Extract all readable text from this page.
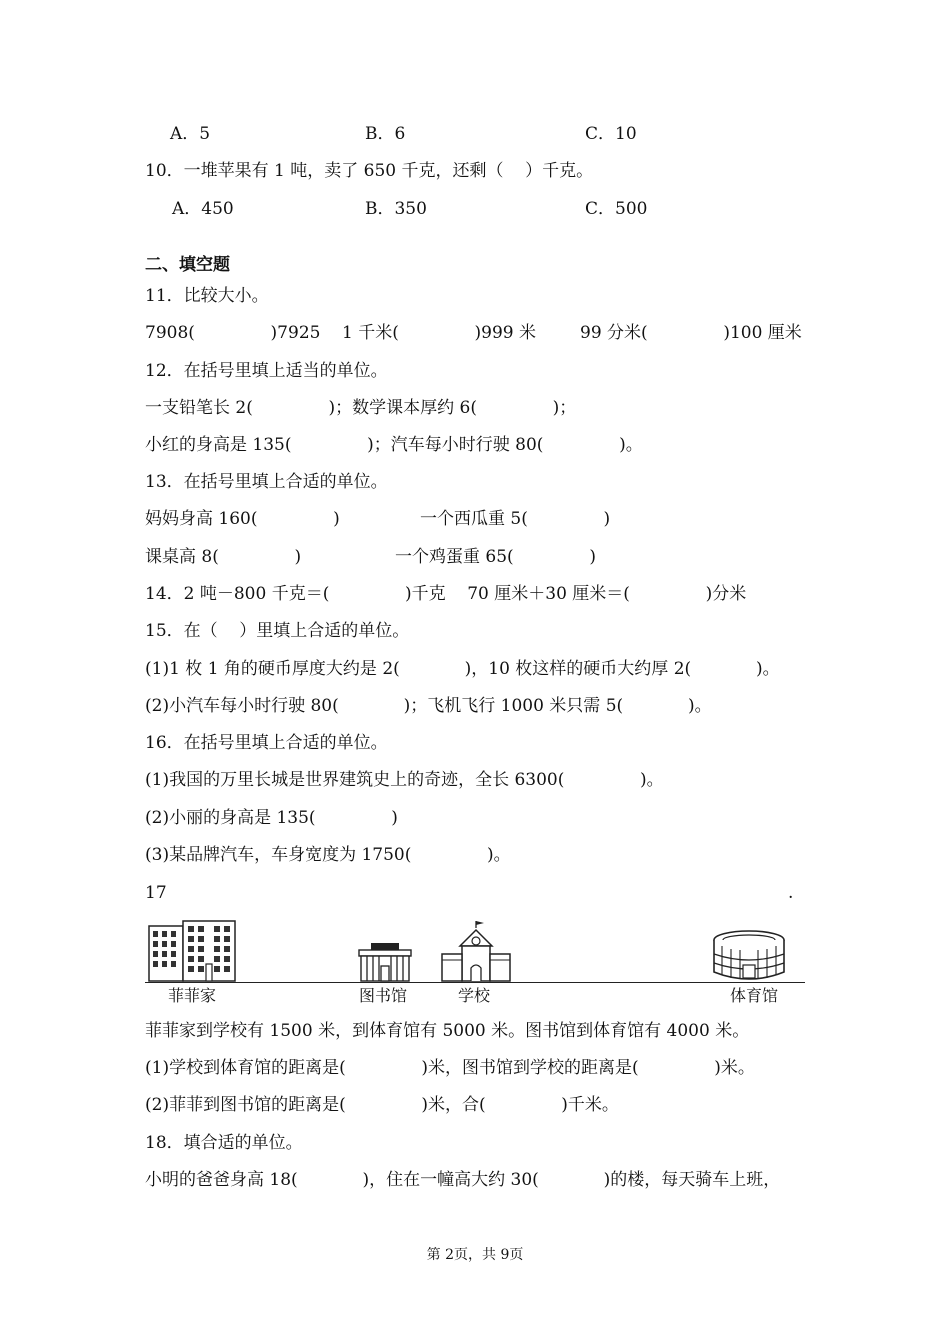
A．5	B．6	C．10
10．一堆苹果有 1 吨，卖了 650 千克，还剩（    ）千克。
A．450	B．350	C．500
二、填空题
11．比较大小。
7908(              )7925 1 千米(              )999 米	99 分米(              )100 厘米
12．在括号里填上适当的单位。
一支铅笔长 2(              )；数学课本厚约 6(              )；
小红的身高是 135(              )；汽车每小时行驶 80(              )。
13．在括号里填上合适的单位。
妈妈身高 160(              )	一个西瓜重 5(              )
课桌高 8(              )	一个鸡蛋重 65(              )
14．2 吨－800 千克＝(              )千克    70 厘米＋30 厘米＝(              )分米
15．在（    ）里填上合适的单位。
(1)1 枚 1 角的硬币厚度大约是 2(            )，10 枚这样的硬币大约厚 2(            )。
(2)小汽车每小时行驶 80(            )；飞机飞行 1000 米只需 5(            )。
16．在括号里填上合适的单位。
(1)我国的万里长城是世界建筑史上的奇迹，全长 6300(              )。
(2)小丽的身高是 135(              )
(3)某品牌汽车，车身宽度为 1750(              )。
17	.
菲菲家	图书馆	学校	体育馆
菲菲家到学校有 1500 米，到体育馆有 5000 米。图书馆到体育馆有 4000 米。
(1)学校到体育馆的距离是(              )米，图书馆到学校的距离是(              )米。
(2)菲菲到图书馆的距离是(              )米，合(              )千米。
18．填合适的单位。
小明的爸爸身高 18(            )，住在一幢高大约 30(            )的楼，每天骑车上班，
第 2页，共 9页
